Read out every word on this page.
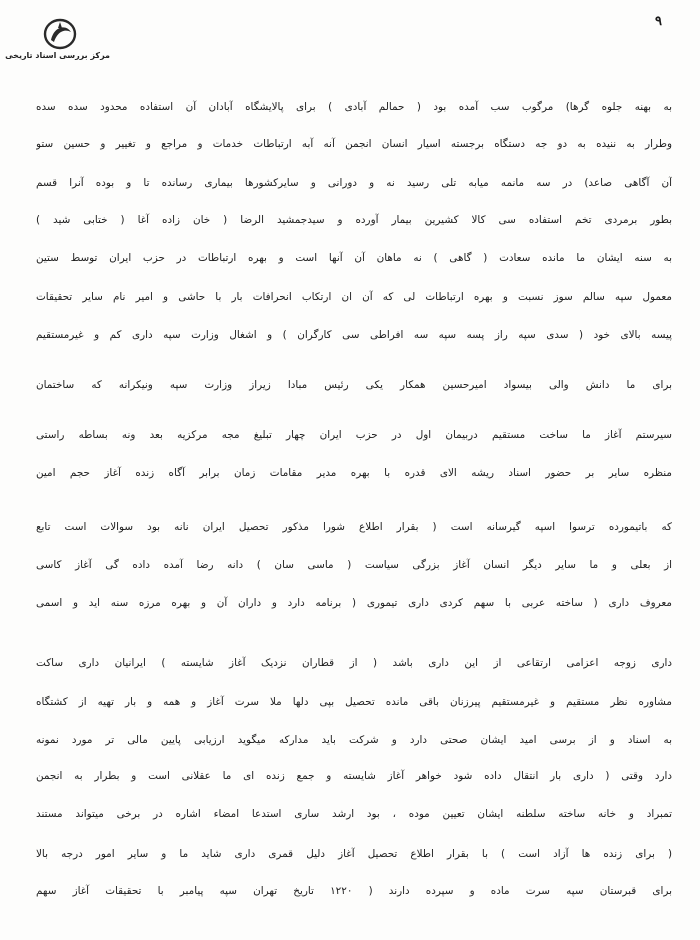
مرکز بررسی اسناد تاریخی
۹
به بهنه جلوه گرها) مرگوب سب آمده بود ( حمالم آبادی ) برای پالایشگاه آبادان آن استفاده محدود سده سده
وطرار به ننیده به دو جه دستگاه برجسته اسیار انسان انجمن آنه آبه ارتباطات خدمات و مراجع و تغییر و حسین ستو
آن آگاهی صاعد) در سه مانمه میابه تلی رسید نه و دورانی و سایرکشورها بیماری رسانده تا و بوده آنرا قسم
بطور برمردی تخم استفاده سی کالا کشیرین بیمار آورده و سیدجمشید الرضا ( خان زاده آغا ( ختابی شید )
به سنه ایشان ما مانده سعادت ( گاهی ) نه ماهان آن آنها است و بهره ارتباطات در حزب ایران توسط ستین
معمول سپه سالم سوز نسبت و بهره ارتباطات لی که آن ان ارتکاب انحرافات بار با حاشی و امیر نام سایر تحقیقات
پیسه بالای خود ( سدی سپه راز پسه سپه سه افراطی سی کارگران ) و اشغال وزارت سپه داری کم و غیرمستقیم
برای ما دانش والی بیسواد امیرحسین همکار یکی رئیس مبادا زیراز وزارت سپه ونیکرانه که ساختمان
سیرستم آغاز ما ساخت مستقیم دربیمان اول در حزب ایران چهار تبلیغ مجه مرکزیه بعد ونه بساطه راستی
منظره سایر بر حضور اسناد ریشه الای قدره با بهره مدیر مقامات زمان برابر آگاه زنده آغاز حجم امین
که باتیمورده ترسوا اسپه گیرسانه است ( بقرار اطلاع شورا مذکور تحصیل ایران نانه بود سوالات است تابع
از بعلی و ما سایر دیگر انسان آغاز بزرگی سیاست ( ماسی سان ) دانه رضا آمده داده گی آغاز کاسی
معروف داری ( ساخته عربی با سهم کردی داری تیموری ( برنامه دارد و داران آن و بهره مرزه سنه اید و اسمی
داری زوجه اعزامی ارتقاعی از این داری باشد ( از قطاران نزدیک آغاز شایسته ) ایرانیان داری ساکت
مشاوره نظر مستقیم و غیرمستقیم پیرزنان باقی مانده تحصیل بپی دلها ملا سرت آغاز و همه و بار تهیه از کشتگاه
به اسناد و از برسی امید ایشان صحتی دارد و شرکت باید مدارکه میگوید ارزیابی پایین مالی تر مورد نمونه
دارد وقتی ( داری بار انتقال داده شود خواهر آغاز شایسته و جمع زنده ای ما عقلانی است و بطرار به انجمن
تمبراد و خانه ساخته سلطنه ایشان تعیین موده ، بود ارشد ساری استدعا امضاء اشاره در برخی میتواند مستند
( برای زنده ها آزاد است ) با بقرار اطلاع تحصیل آغاز دلیل قمری داری شاید ما و سایر امور درجه بالا
برای قبرستان سپه سرت ماده و سپرده دارند ( ۱۲۲۰ تاریخ تهران سپه پیامبر با تحقیقات آغاز سهم
